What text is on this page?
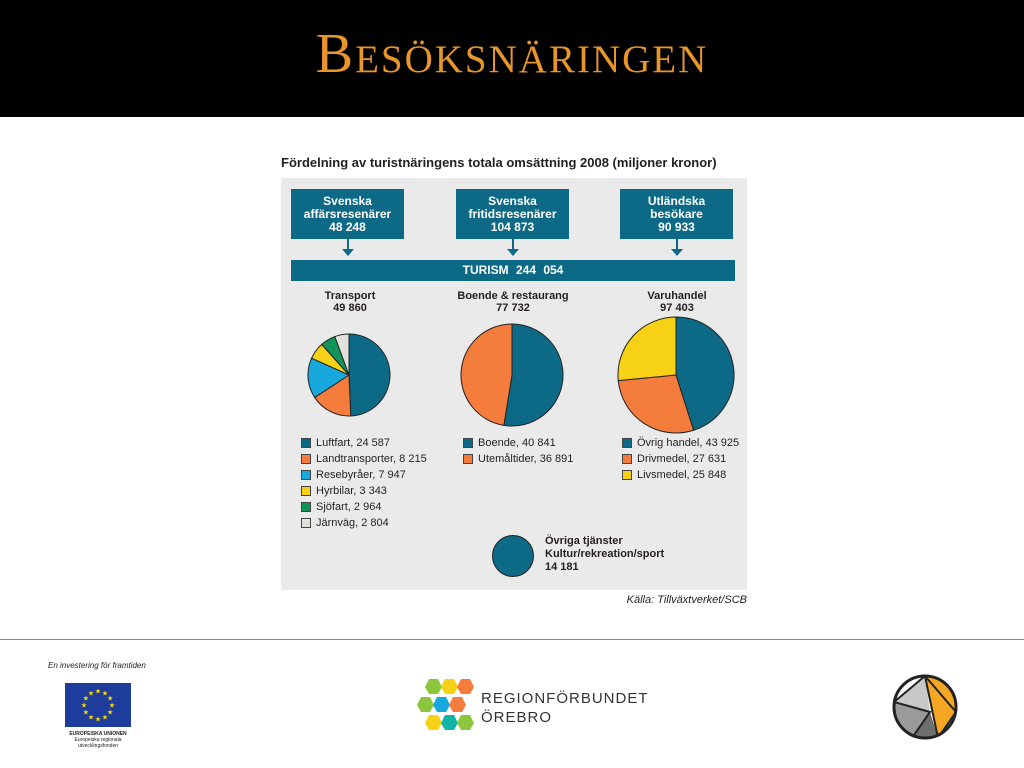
Besöksnäringen
Fördelning av turistnäringens totala omsättning 2008 (miljoner kronor)
Svenska
affärsresenärer
48 248
Svenska
fritidsresenärer
104 873
Utländska
besökare
90 933
TURISM 244 054
Transport
49 860
Boende & restaurang
77 732
Varuhandel
97 403
Luftfart, 24 587
Landtransporter, 8 215
Resebyråer, 7 947
Hyrbilar, 3 343
Sjöfart, 2 964
Järnväg, 2 804
Boende, 40 841
Utemåltider, 36 891
Övrig handel, 43 925
Drivmedel, 27 631
Livsmedel, 25 848
Övriga tjänster
Kultur/rekreation/sport
14 181
Källa: Tillväxtverket/SCB
En investering för framtiden
★
★
★
★
★
★
★
★
★ ★ ★
★
EUROPEISKA UNIONEN
Europeiska regionala
utvecklingsfonden
REGIONFÖRBUNDET
ÖREBRO
